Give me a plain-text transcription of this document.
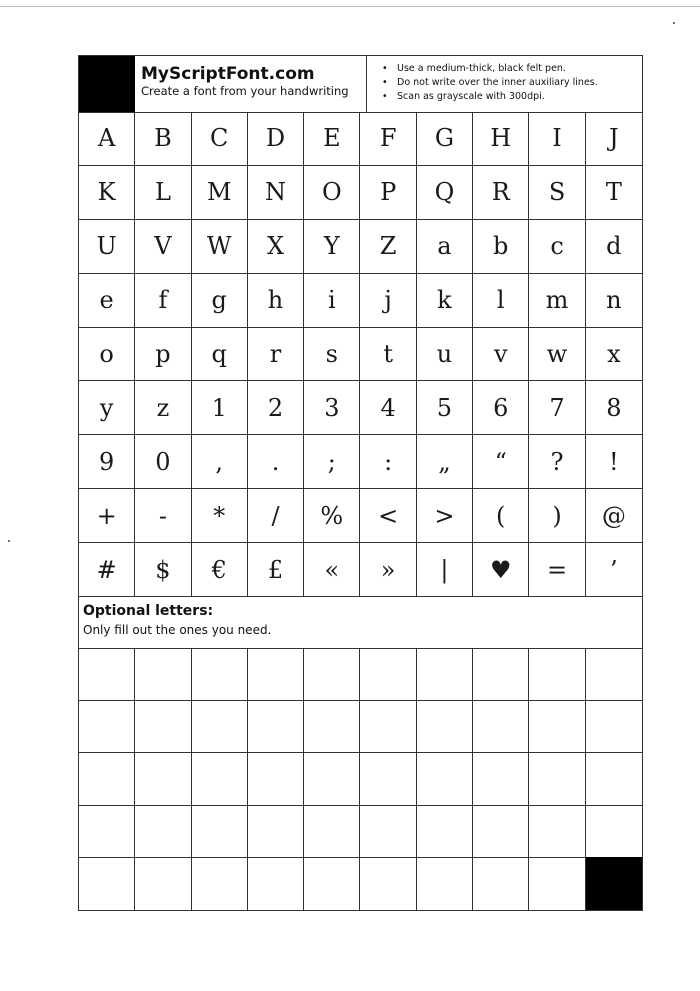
MyScriptFont.com
Create a font from your handwriting
• Use a medium-thick, black felt pen.
• Do not write over the inner auxiliary lines.
• Scan as grayscale with 300dpi.
A	B	C	D	E	F	G	H	I	J
K	L	M	N	O	P	Q	R	S	T
U	V	W	X	Y	Z	a	b	c	d
e	f	g	h	i	j	k	l	m	n
o	p	q	r	s	t	u	v	w	x
y	z	1	2	3	4	5	6	7	8
9	0	,	.	;	:	„	“	?	!
+	-	*	/	%	<	>	(	)	@
#	$	€	£	«	»	|	♥	=	’
Optional letters:
Only fill out the ones you need.
